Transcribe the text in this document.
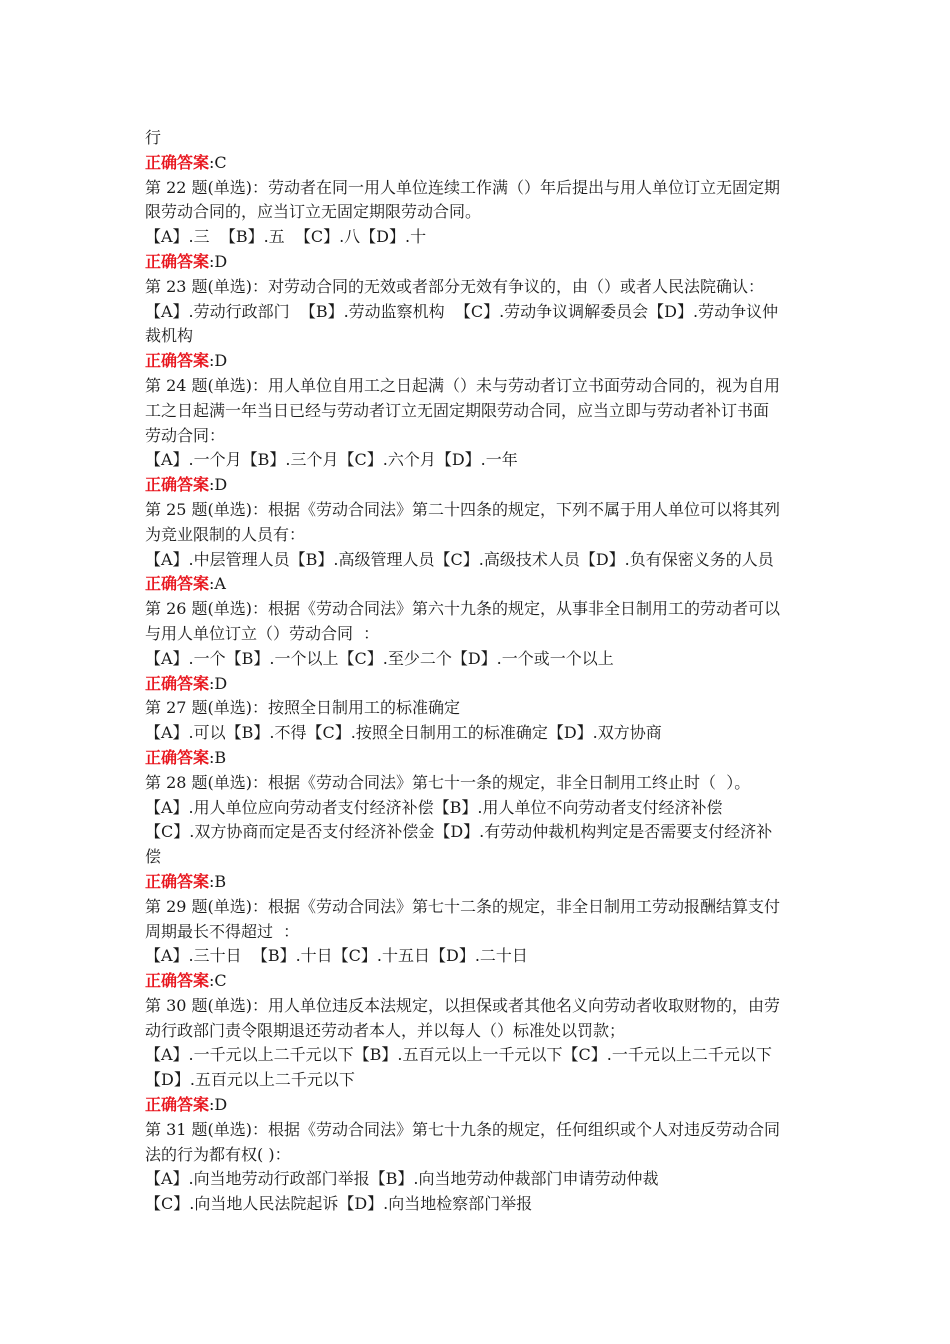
行
正确答案:C
第 22 题(单选)：劳动者在同一用人单位连续工作满（）年后提出与用人单位订立无固定期
限劳动合同的，应当订立无固定期限劳动合同。
【A】.三  【B】.五  【C】.八【D】.十
正确答案:D
第 23 题(单选)：对劳动合同的无效或者部分无效有争议的，由（）或者人民法院确认：
【A】.劳动行政部门  【B】.劳动监察机构  【C】.劳动争议调解委员会【D】.劳动争议仲
裁机构
正确答案:D
第 24 题(单选)：用人单位自用工之日起满（）未与劳动者订立书面劳动合同的，视为自用
工之日起满一年当日已经与劳动者订立无固定期限劳动合同，应当立即与劳动者补订书面
劳动合同：
【A】.一个月【B】.三个月【C】.六个月【D】.一年
正确答案:D
第 25 题(单选)：根据《劳动合同法》第二十四条的规定，下列不属于用人单位可以将其列
为竞业限制的人员有：
【A】.中层管理人员【B】.高级管理人员【C】.高级技术人员【D】.负有保密义务的人员
正确答案:A
第 26 题(单选)：根据《劳动合同法》第六十九条的规定，从事非全日制用工的劳动者可以
与用人单位订立（）劳动合同  ：
【A】.一个【B】.一个以上【C】.至少二个【D】.一个或一个以上
正确答案:D
第 27 题(单选)：按照全日制用工的标准确定
【A】.可以【B】.不得【C】.按照全日制用工的标准确定【D】.双方协商
正确答案:B
第 28 题(单选)：根据《劳动合同法》第七十一条的规定，非全日制用工终止时（  ）。
【A】.用人单位应向劳动者支付经济补偿【B】.用人单位不向劳动者支付经济补偿
【C】.双方协商而定是否支付经济补偿金【D】.有劳动仲裁机构判定是否需要支付经济补
偿
正确答案:B
第 29 题(单选)：根据《劳动合同法》第七十二条的规定，非全日制用工劳动报酬结算支付
周期最长不得超过  ：
【A】.三十日  【B】.十日【C】.十五日【D】.二十日
正确答案:C
第 30 题(单选)：用人单位违反本法规定，以担保或者其他名义向劳动者收取财物的，由劳
动行政部门责令限期退还劳动者本人，并以每人（）标准处以罚款；
【A】.一千元以上二千元以下【B】.五百元以上一千元以下【C】.一千元以上二千元以下
【D】.五百元以上二千元以下
正确答案:D
第 31 题(单选)：根据《劳动合同法》第七十九条的规定，任何组织或个人对违反劳动合同
法的行为都有权( )：
【A】.向当地劳动行政部门举报【B】.向当地劳动仲裁部门申请劳动仲裁
【C】.向当地人民法院起诉【D】.向当地检察部门举报
